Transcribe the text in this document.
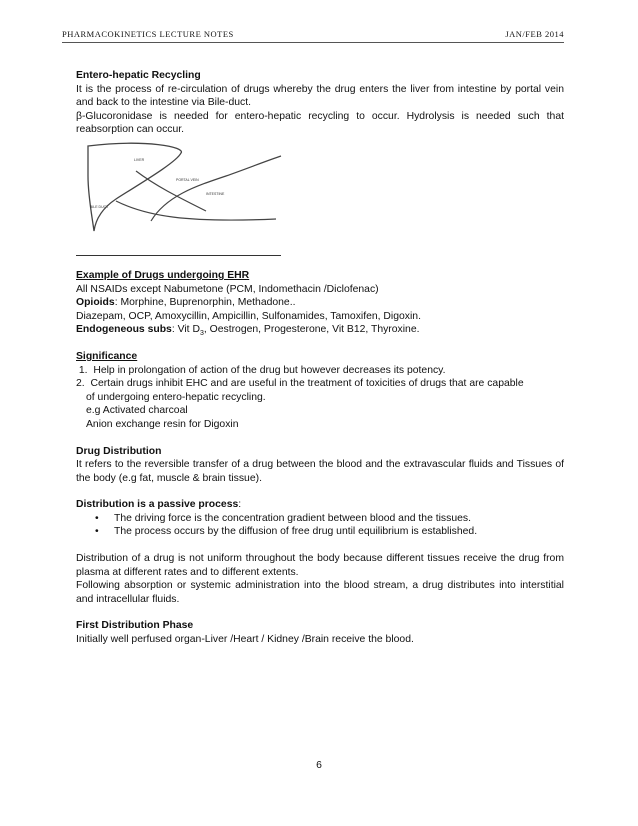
PHARMACOKINETICS LECTURE NOTES	JAN/FEB 2014

Entero-hepatic Recycling

It is the process of re-circulation of drugs whereby the drug enters the liver from intestine by portal vein and back to the intestine via Bile-duct.

β-Glucoronidase is needed for entero-hepatic recycling to occur. Hydrolysis is needed such that reabsorption can occur.

LIVER
PORTAL VEIN
INTESTINE
BILE DUCT

Example of Drugs undergoing EHR

All NSAIDs except Nabumetone (PCM, Indomethacin /Diclofenac)

Opioids: Morphine, Buprenorphin, Methadone..

Diazepam, OCP, Amoxycillin, Ampicillin, Sulfonamides, Tamoxifen, Digoxin.

Endogeneous subs: Vit $D_3$, Oestrogen, Progesterone, Vit B12, Thyroxine.

Significance

1.  Help in prolongation of action of the drug but however decreases its potency.

2.  Certain drugs inhibit EHC and are useful in the treatment of toxicities of drugs that are capable

of undergoing entero-hepatic recycling.

e.g Activated charcoal

Anion exchange resin for Digoxin

Drug Distribution

It refers to the reversible transfer of a drug between the blood and the extravascular fluids and Tissues of the body (e.g fat, muscle & brain tissue).

Distribution is a passive process:

• The driving force is the concentration gradient between blood and the tissues.
• The process occurs by the diffusion of free drug until equilibrium is established.

Distribution of a drug is not uniform throughout the body because different tissues receive the drug from plasma at different rates and to different extents.

Following absorption or systemic administration into the blood stream, a drug distributes into interstitial and intracellular fluids.

First Distribution Phase

Initially well perfused organ-Liver /Heart / Kidney /Brain receive the blood.

6
